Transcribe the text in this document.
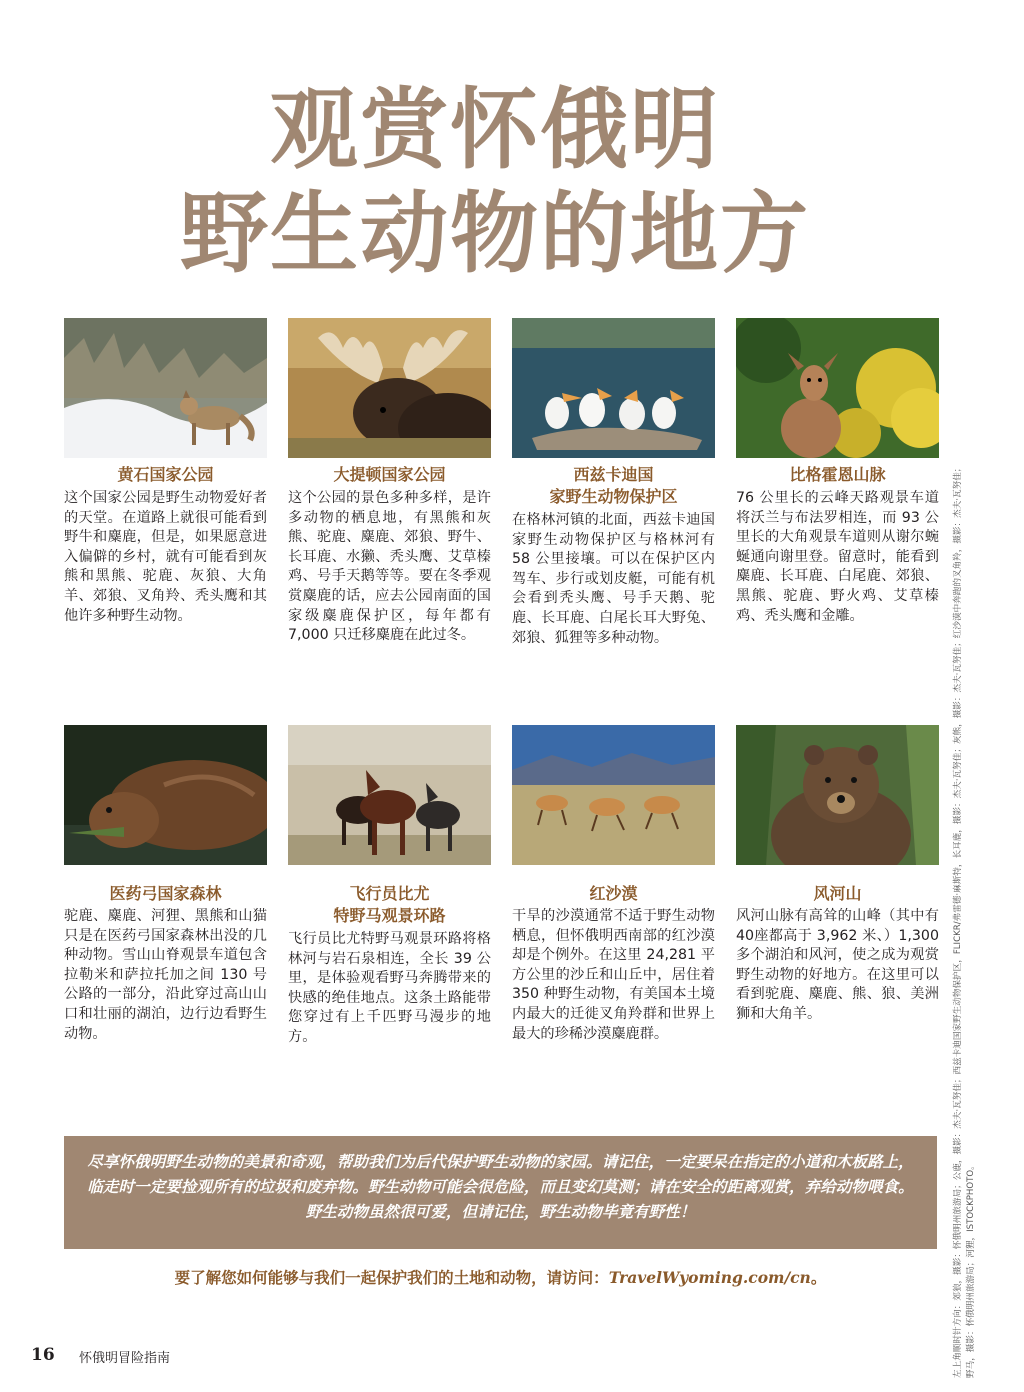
观赏怀俄明
野生动物的地方
黄石国家公园
这个国家公园是野生动物爱好者的天堂。在道路上就很可能看到野牛和麋鹿，但是，如果愿意进入偏僻的乡村，就有可能看到灰熊和黑熊、驼鹿、灰狼、大角羊、郊狼、叉角羚、秃头鹰和其他许多种野生动物。
大提顿国家公园
这个公园的景色多种多样，是许多动物的栖息地，有黑熊和灰熊、驼鹿、麋鹿、郊狼、野牛、长耳鹿、水獭、秃头鹰、艾草榛鸡、号手天鹅等等。要在冬季观赏麋鹿的话，应去公园南面的国家级麋鹿保护区，每年都有 7,000 只迁移麋鹿在此过冬。
西兹卡迪国
家野生动物保护区
在格林河镇的北面，西兹卡迪国家野生动物保护区与格林河有 58 公里接壤。可以在保护区内驾车、步行或划皮艇，可能有机会看到秃头鹰、号手天鹅、驼鹿、长耳鹿、白尾长耳大野兔、郊狼、狐狸等多种动物。
比格霍恩山脉
76 公里长的云峰天路观景车道将沃兰与布法罗相连，而 93 公里长的大角观景车道则从谢尔蜿蜒通向谢里登。留意时，能看到麋鹿、长耳鹿、白尾鹿、郊狼、黑熊、驼鹿、野火鸡、艾草榛鸡、秃头鹰和金雕。
医药弓国家森林
驼鹿、麋鹿、河狸、黑熊和山猫只是在医药弓国家森林出没的几种动物。雪山山脊观景车道包含拉勒米和萨拉托加之间 130 号公路的一部分，沿此穿过高山山口和壮丽的湖泊，边行边看野生动物。
飞行员比尤
特野马观景环路
飞行员比尤特野马观景环路将格林河与岩石泉相连，全长 39 公里，是体验观看野马奔腾带来的快感的绝佳地点。这条土路能带您穿过有上千匹野马漫步的地方。
红沙漠
干旱的沙漠通常不适于野生动物栖息，但怀俄明西南部的红沙漠却是个例外。在这里 24,281 平方公里的沙丘和山丘中，居住着 350 种野生动物，有美国本土境内最大的迁徙叉角羚群和世界上最大的珍稀沙漠麋鹿群。
风河山
风河山脉有高耸的山峰（其中有40座都高于 3,962 米、）1,300 多个湖泊和风河，使之成为观赏野生动物的好地方。在这里可以看到驼鹿、麋鹿、熊、狼、美洲狮和大角羊。
尽享怀俄明野生动物的美景和奇观，帮助我们为后代保护野生动物的家园。请记住，一定要呆在指定的小道和木板路上，临走时一定要捡观所有的垃圾和废弃物。野生动物可能会很危险，而且变幻莫测；请在安全的距离观赏，弃给动物喂食。野生动物虽然很可爱，但请记住，野生动物毕竟有野性！
要了解您如何能够与我们一起保护我们的土地和动物，请访问：TravelWyoming.com/cn。	左上角顺时针方向：郊狼，摄影：怀俄明州旅游局；公鹿，摄影：杰夫·瓦努佳；西兹卡迪国家野生动物保护区，FLICKR/弗雷德·麻斯特，长耳鹿，摄影：杰夫·瓦努佳；灰熊，摄影：杰夫·瓦努佳；红沙漠中奔跑的叉角羚，摄影：杰夫·瓦努佳； 野马，摄影：怀俄明州旅游局；河狸，ISTOCKPHOTO。
16 怀俄明冒险指南
